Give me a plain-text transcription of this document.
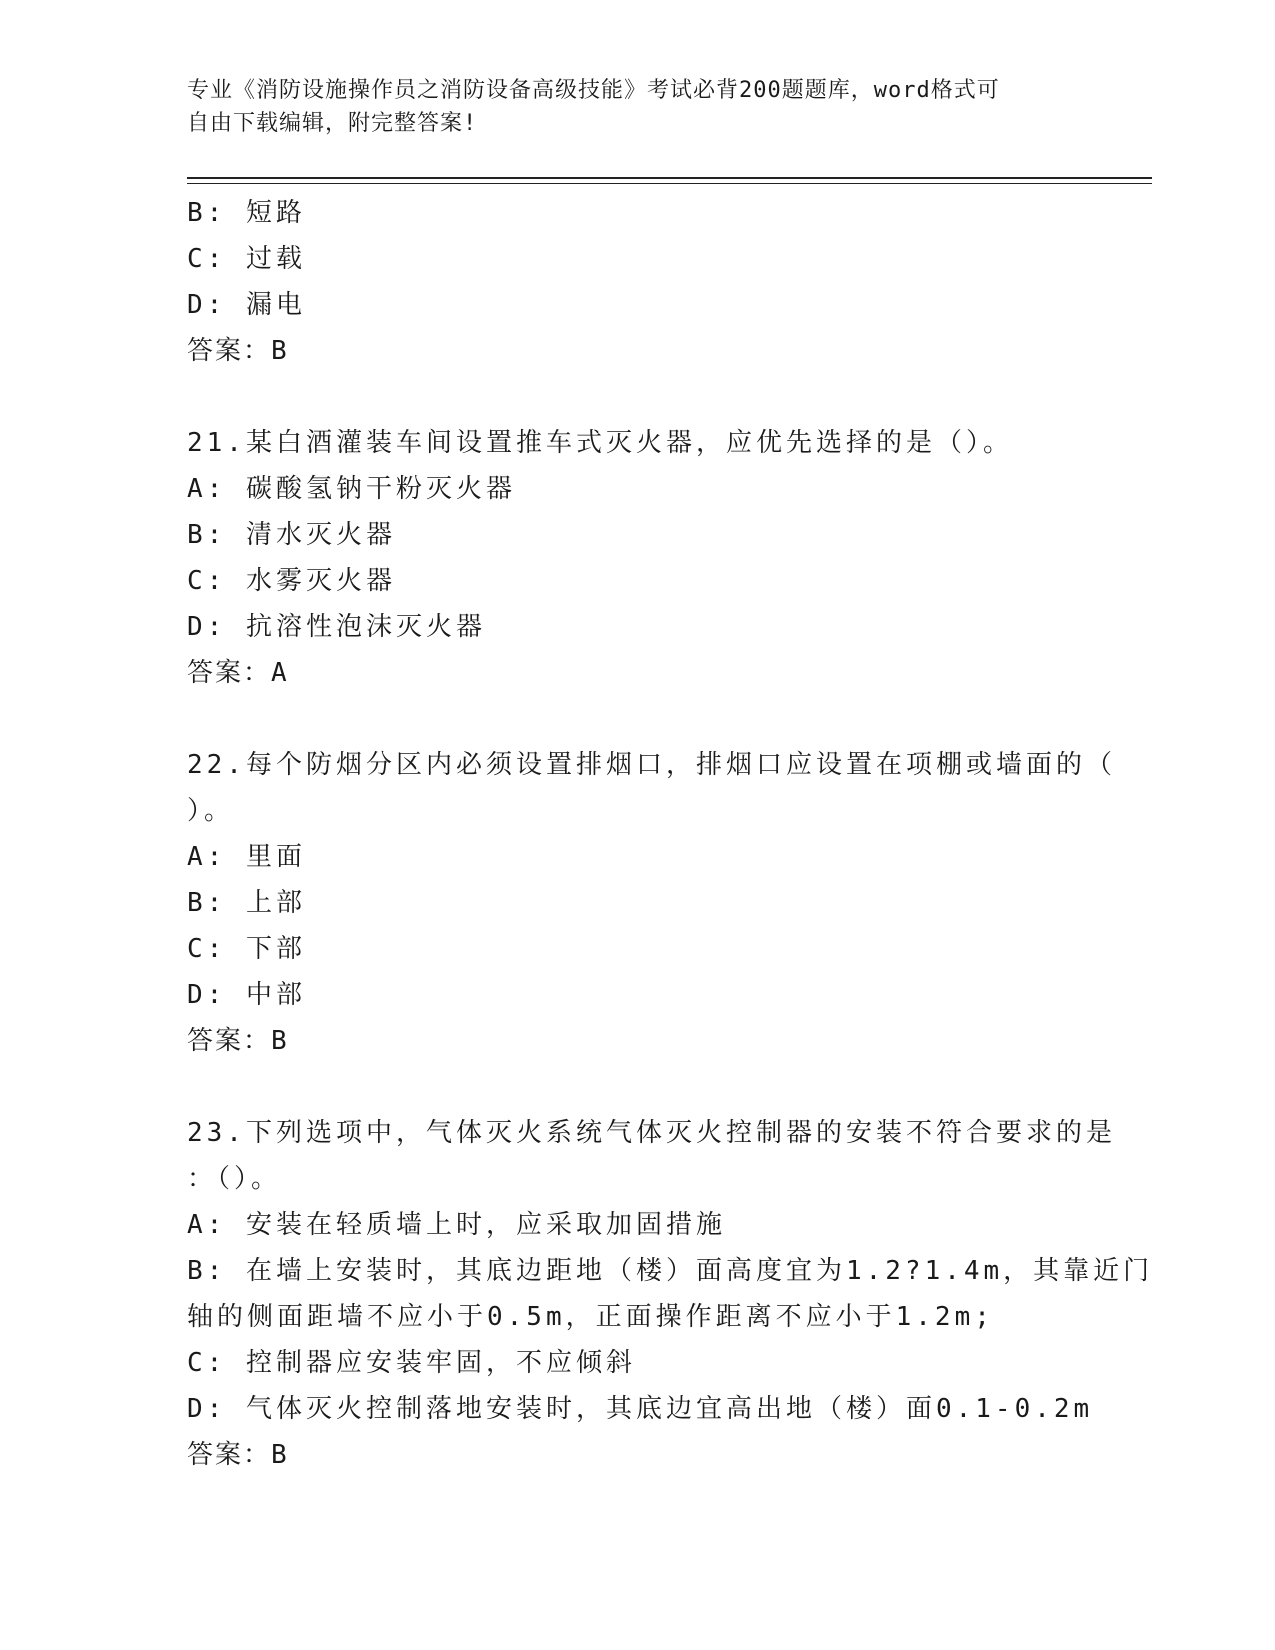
专业《消防设施操作员之消防设备高级技能》考试必背200题题库，word格式可
自由下载编辑，附完整答案!
B: 短路
C: 过载
D: 漏电
答案：B
21.某白酒灌装车间设置推车式灭火器，应优先选择的是（）。
A: 碳酸氢钠干粉灭火器
B: 清水灭火器
C: 水雾灭火器
D: 抗溶性泡沫灭火器
答案：A
22.每个防烟分区内必须设置排烟口，排烟口应设置在项棚或墙面的（
）。
A: 里面
B: 上部
C: 下部
D: 中部
答案：B
23.下列选项中，气体灭火系统气体灭火控制器的安装不符合要求的是
：（）。
A: 安装在轻质墙上时，应采取加固措施
B: 在墙上安装时，其底边距地（楼）面高度宜为1.2?1.4m，其靠近门
轴的侧面距墙不应小于0.5m，正面操作距离不应小于1.2m;
C: 控制器应安装牢固，不应倾斜
D: 气体灭火控制落地安装时，其底边宜高出地（楼）面0.1-0.2m
答案：B
